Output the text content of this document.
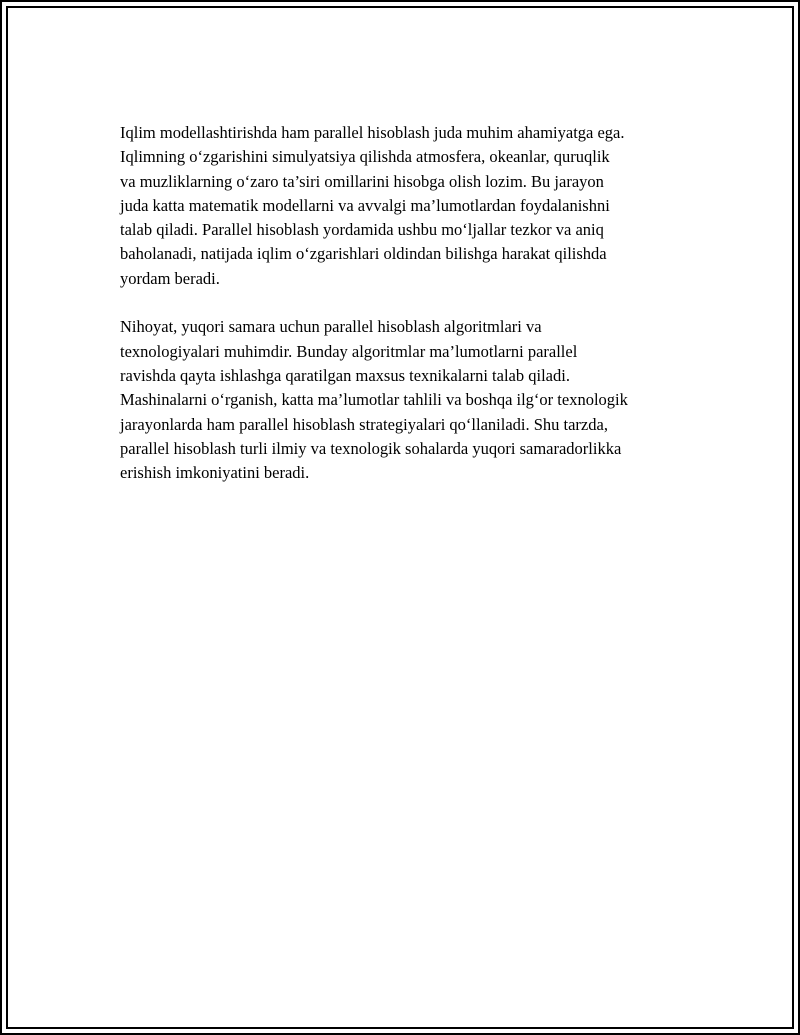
Iqlim modellashtirishda ham parallel hisoblash juda muhim ahamiyatga ega.
Iqlimning o‘zgarishini simulyatsiya qilishda atmosfera, okeanlar, quruqlik
va muzliklarning o‘zaro ta’siri omillarini hisobga olish lozim. Bu jarayon
juda katta matematik modellarni va avvalgi ma’lumotlardan foydalanishni
talab qiladi. Parallel hisoblash yordamida ushbu mo‘ljallar tezkor va aniq
baholanadi, natijada iqlim o‘zgarishlari oldindan bilishga harakat qilishda
yordam beradi.

Nihoyat, yuqori samara uchun parallel hisoblash algoritmlari va
texnologiyalari muhimdir. Bunday algoritmlar ma’lumotlarni parallel
ravishda qayta ishlashga qaratilgan maxsus texnikalarni talab qiladi.
Mashinalarni o‘rganish, katta ma’lumotlar tahlili va boshqa ilg‘or texnologik
jarayonlarda ham parallel hisoblash strategiyalari qo‘llaniladi. Shu tarzda,
parallel hisoblash turli ilmiy va texnologik sohalarda yuqori samaradorlikka
erishish imkoniyatini beradi.
